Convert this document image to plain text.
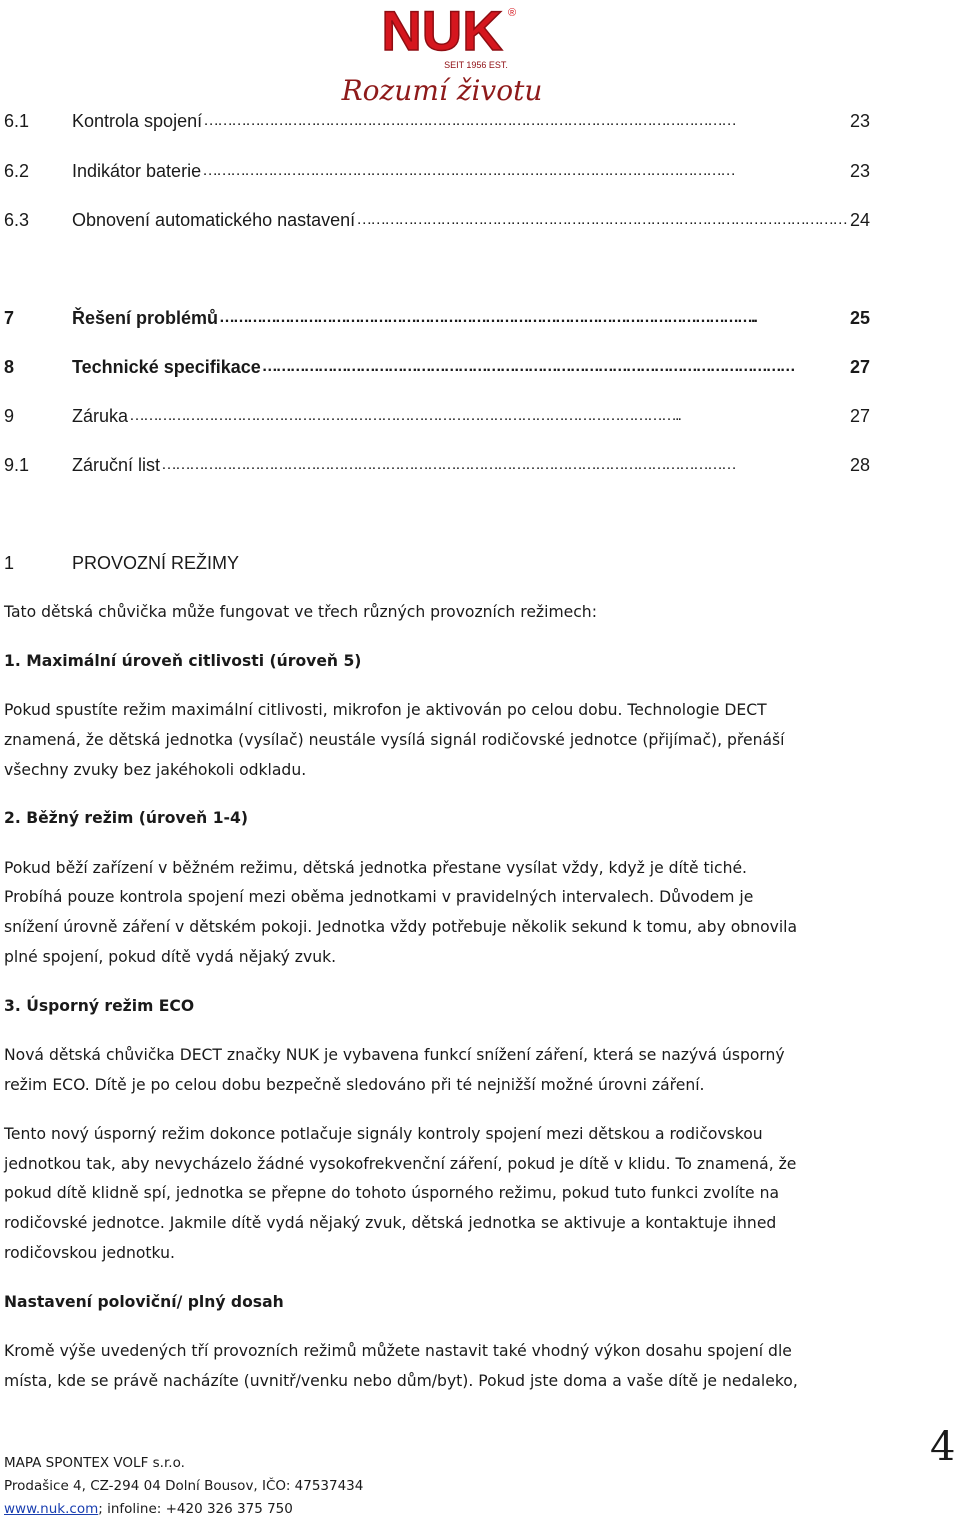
NUK ®
SEIT 1956 EST.
Rozumí životu
6.1	Kontrola spojení ……………………………………………………………………………………………………	23
6.2	Indikátor baterie ……………………………………………………………………………………………………	23
6.3	Obnovení automatického nastavení …………………………………………………………………………………………… 24
7	Řešení problémů ……………………………………………………………………………………………………..	25
8	Technické specifikace ……………………………………………………………………………………………………	27
9	Záruka ………………………………………………………………………………………………………..	27
9.1	Záruční list ……………………………………………………………………………………………………………	28
1	PROVOZNÍ REŽIMY
Tato dětská chůvička může fungovat ve třech různých provozních režimech:
1. Maximální úroveň citlivosti (úroveň 5)
Pokud spustíte režim maximální citlivosti, mikrofon je aktivován po celou dobu. Technologie DECT
znamená, že dětská jednotka (vysílač) neustále vysílá signál rodičovské jednotce (přijímač), přenáší
všechny zvuky bez jakéhokoli odkladu.
2. Běžný režim (úroveň 1-4)
Pokud běží zařízení v běžném režimu, dětská jednotka přestane vysílat vždy, když je dítě tiché.
Probíhá pouze kontrola spojení mezi oběma jednotkami v pravidelných intervalech. Důvodem je
snížení úrovně záření v dětském pokoji. Jednotka vždy potřebuje několik sekund k tomu, aby obnovila
plné spojení, pokud dítě vydá nějaký zvuk.
3. Úsporný režim ECO
Nová dětská chůvička DECT značky NUK je vybavena funkcí snížení záření, která se nazývá úsporný
režim ECO. Dítě je po celou dobu bezpečně sledováno při té nejnižší možné úrovni záření.
Tento nový úsporný režim dokonce potlačuje signály kontroly spojení mezi dětskou a rodičovskou
jednotkou tak, aby nevycházelo žádné vysokofrekvenční záření, pokud je dítě v klidu. To znamená, že
pokud dítě klidně spí, jednotka se přepne do tohoto úsporného režimu, pokud tuto funkci zvolíte na
rodičovské jednotce. Jakmile dítě vydá nějaký zvuk, dětská jednotka se aktivuje a kontaktuje ihned
rodičovskou jednotku.
Nastavení poloviční/ plný dosah
Kromě výše uvedených tří provozních režimů můžete nastavit také vhodný výkon dosahu spojení dle
místa, kde se právě nacházíte (uvnitř/venku nebo dům/byt). Pokud jste doma a vaše dítě je nedaleko,
MAPA SPONTEX VOLF s.r.o.
Prodašice 4, CZ-294 04 Dolní Bousov, IČO: 47537434
www.nuk.com; infoline: +420 326 375 750
4
